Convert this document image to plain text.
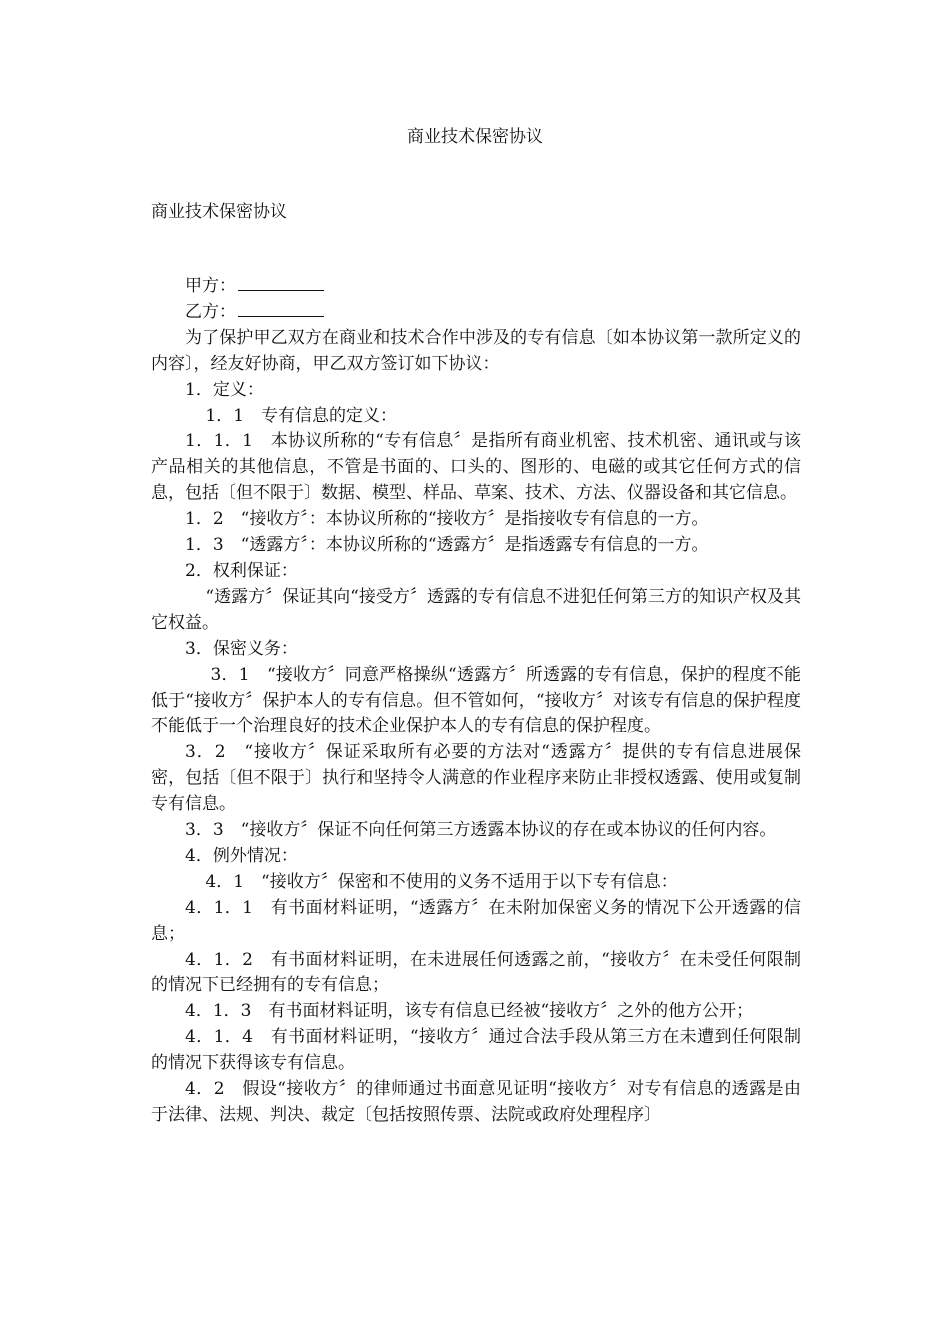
商业技术保密协议
商业技术保密协议

甲方：

乙方：

为了保护甲乙双方在商业和技术合作中涉及的专有信息〔如本协议第一款所定义的内容〕，经友好协商，甲乙双方签订如下协议：

1．定义：

1．1　专有信息的定义：

1．1．1　本协议所称的“专有信息〞是指所有商业机密、技术机密、通讯或与该产品相关的其他信息，不管是书面的、口头的、图形的、电磁的或其它任何方式的信息，包括〔但不限于〕数据、模型、样品、草案、技术、方法、仪器设备和其它信息。

1．2　“接收方〞：本协议所称的“接收方〞是指接收专有信息的一方。

1．3　“透露方〞：本协议所称的“透露方〞是指透露专有信息的一方。

2．权利保证：

“透露方〞保证其向“接受方〞透露的专有信息不进犯任何第三方的知识产权及其它权益。

3．保密义务：

3．1　“接收方〞同意严格操纵“透露方〞所透露的专有信息，保护的程度不能低于“接收方〞保护本人的专有信息。但不管如何，“接收方〞对该专有信息的保护程度不能低于一个治理良好的技术企业保护本人的专有信息的保护程度。

3．2　“接收方〞保证采取所有必要的方法对“透露方〞提供的专有信息进展保密，包括〔但不限于〕执行和坚持令人满意的作业程序来防止非授权透露、使用或复制专有信息。

3．3　“接收方〞保证不向任何第三方透露本协议的存在或本协议的任何内容。

4．例外情况：

4．1　“接收方〞保密和不使用的义务不适用于以下专有信息：

4．1．1　有书面材料证明，“透露方〞在未附加保密义务的情况下公开透露的信息；

4．1．2　有书面材料证明，在未进展任何透露之前，“接收方〞在未受任何限制的情况下已经拥有的专有信息；

4．1．3　有书面材料证明，该专有信息已经被“接收方〞之外的他方公开；

4．1．4　有书面材料证明，“接收方〞通过合法手段从第三方在未遭到任何限制的情况下获得该专有信息。

4．2　假设“接收方〞的律师通过书面意见证明“接收方〞对专有信息的透露是由于法律、法规、判决、裁定〔包括按照传票、法院或政府处理程序〕
